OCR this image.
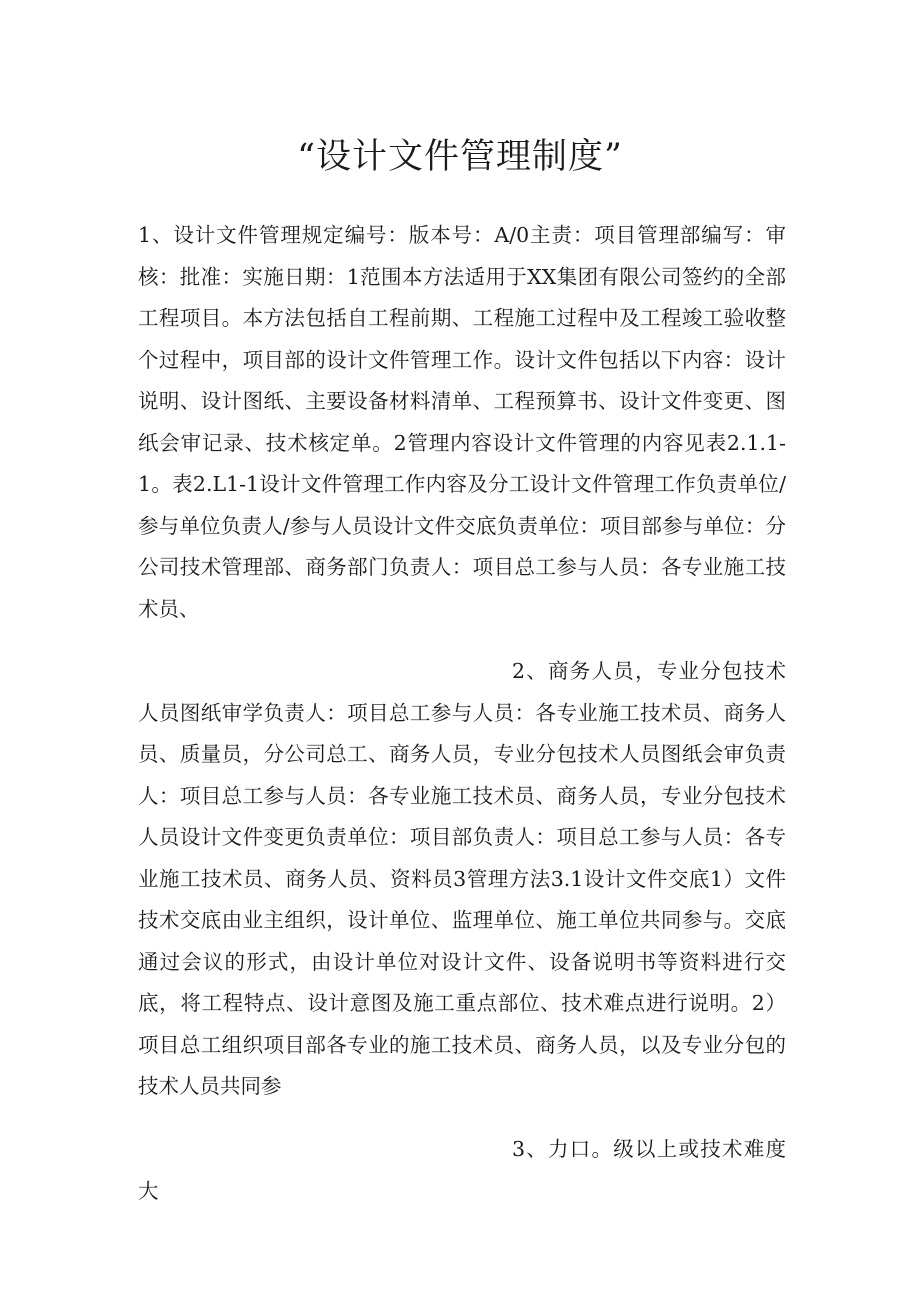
“设计文件管理制度”

1、设计文件管理规定编号：版本号：A/0主责：项目管理部编写：审核：批准：实施日期：1范围本方法适用于XX集团有限公司签约的全部工程项目。本方法包括自工程前期、工程施工过程中及工程竣工验收整个过程中，项目部的设计文件管理工作。设计文件包括以下内容：设计说明、设计图纸、主要设备材料清单、工程预算书、设计文件变更、图纸会审记录、技术核定单。2管理内容设计文件管理的内容见表2.1.1-1。表2.L1-1设计文件管理工作内容及分工设计文件管理工作负责单位/参与单位负责人/参与人员设计文件交底负责单位：项目部参与单位：分公司技术管理部、商务部门负责人：项目总工参与人员：各专业施工技术员、

2、商务人员，专业分包技术人员图纸审学负责人：项目总工参与人员：各专业施工技术员、商务人员、质量员，分公司总工、商务人员，专业分包技术人员图纸会审负责人：项目总工参与人员：各专业施工技术员、商务人员，专业分包技术人员设计文件变更负责单位：项目部负责人：项目总工参与人员：各专业施工技术员、商务人员、资料员3管理方法3.1设计文件交底1）文件技术交底由业主组织，设计单位、监理单位、施工单位共同参与。交底通过会议的形式，由设计单位对设计文件、设备说明书等资料进行交底，将工程特点、设计意图及施工重点部位、技术难点进行说明。2）项目总工组织项目部各专业的施工技术员、商务人员，以及专业分包的技术人员共同参

3、力口。级以上或技术难度大
